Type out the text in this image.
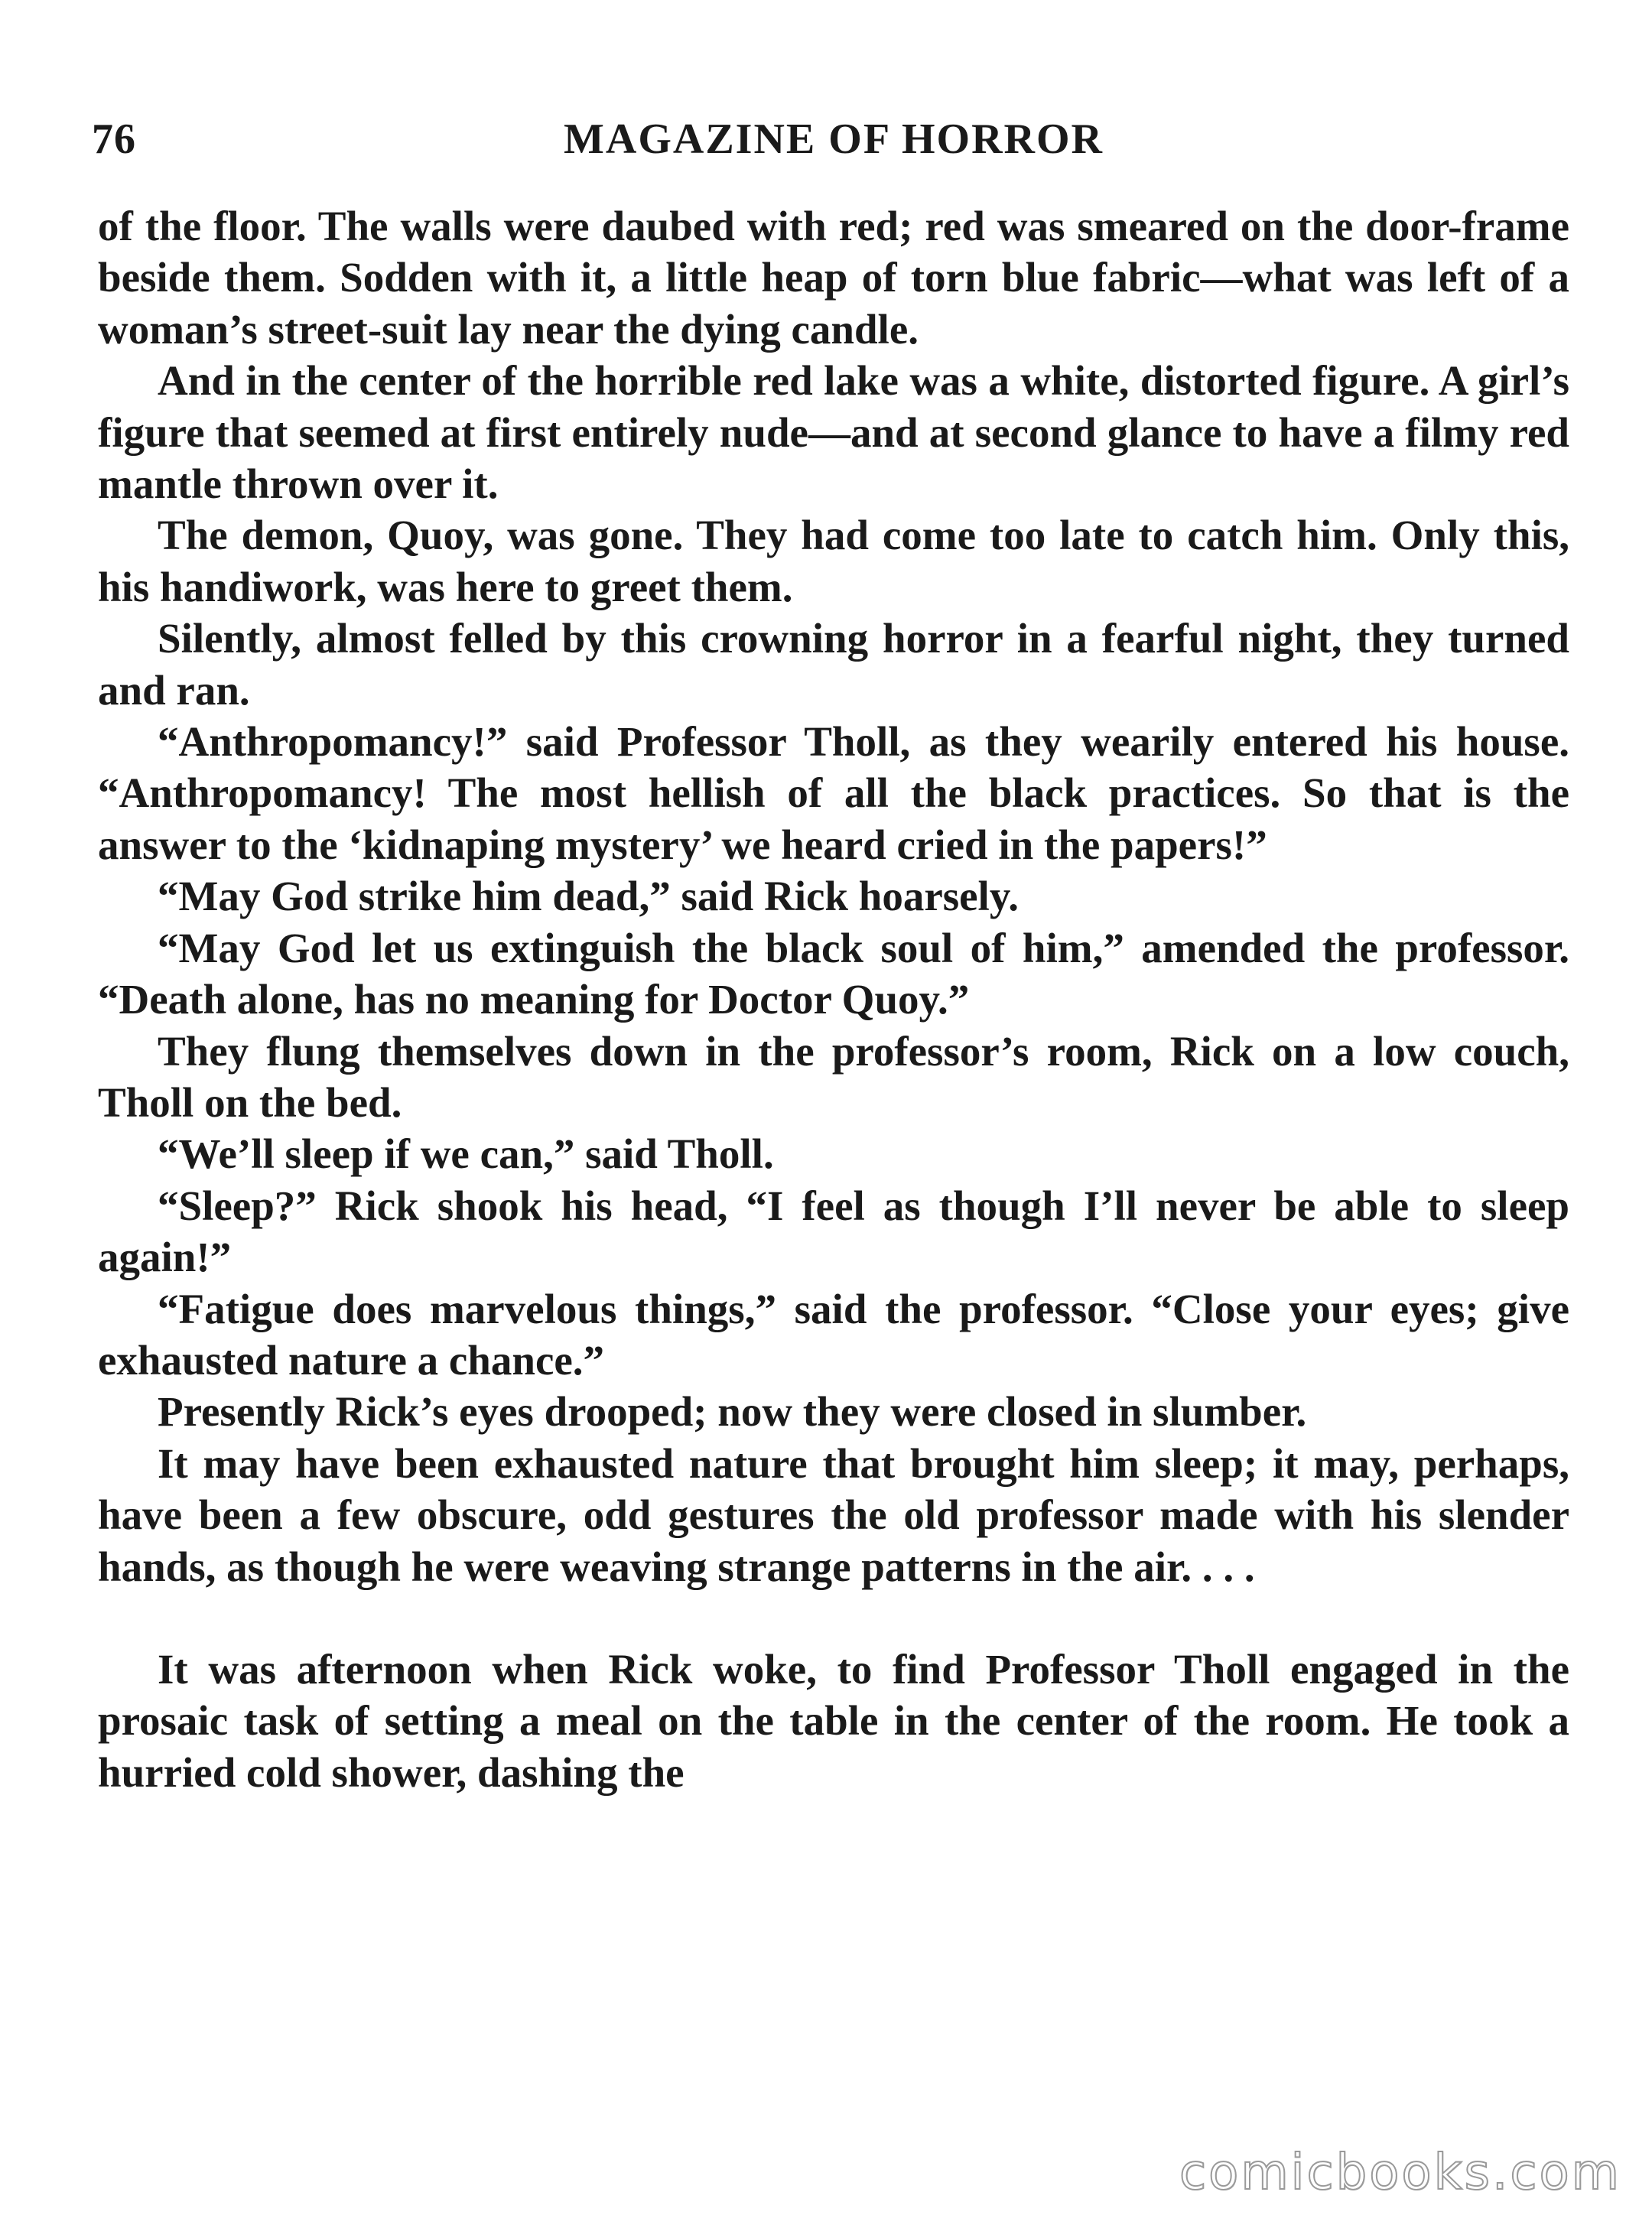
76	MAGAZINE OF HORROR

of the floor. The walls were daubed with red; red was smeared on the door-frame beside them. Sodden with it, a little heap of torn blue fabric—what was left of a woman’s street-suit lay near the dying candle.

And in the center of the horrible red lake was a white, distorted figure. A girl’s figure that seemed at first entirely nude—and at second glance to have a filmy red mantle thrown over it.

The demon, Quoy, was gone. They had come too late to catch him. Only this, his handiwork, was here to greet them.

Silently, almost felled by this crowning horror in a fearful night, they turned and ran.

“Anthropomancy!” said Professor Tholl, as they wearily entered his house. “Anthropomancy! The most hellish of all the black practices. So that is the answer to the ‘kidnaping mystery’ we heard cried in the papers!”

“May God strike him dead,” said Rick hoarsely.

“May God let us extinguish the black soul of him,” amended the professor. “Death alone, has no meaning for Doctor Quoy.”

They flung themselves down in the professor’s room, Rick on a low couch, Tholl on the bed.

“We’ll sleep if we can,” said Tholl.

“Sleep?” Rick shook his head, “I feel as though I’ll never be able to sleep again!”

“Fatigue does marvelous things,” said the professor. “Close your eyes; give exhausted nature a chance.”

Presently Rick’s eyes drooped; now they were closed in slumber.

It may have been exhausted nature that brought him sleep; it may, perhaps, have been a few obscure, odd gestures the old professor made with his slender hands, as though he were weaving strange patterns in the air. . . .

It was afternoon when Rick woke, to find Professor Tholl engaged in the prosaic task of setting a meal on the table in the center of the room. He took a hurried cold shower, dashing the

comicbooks.com
